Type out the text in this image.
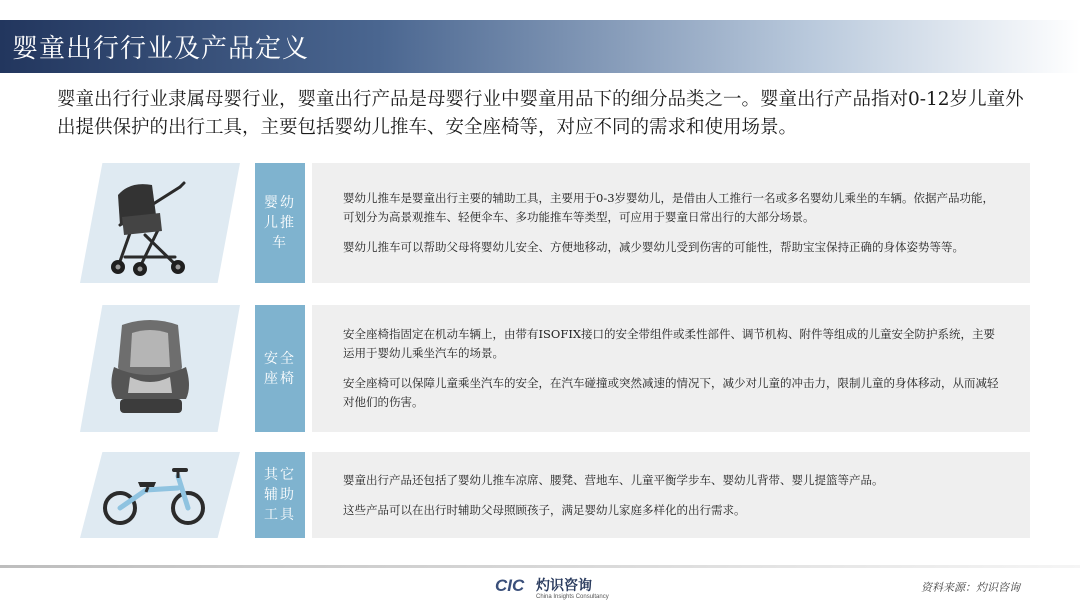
婴童出行行业及产品定义
婴童出行行业隶属母婴行业，婴童出行产品是母婴行业中婴童用品下的细分品类之一。婴童出行产品指对0-12岁儿童外出提供保护的出行工具，主要包括婴幼儿推车、安全座椅等，对应不同的需求和使用场景。
婴幼儿推车

婴幼儿推车是婴童出行主要的辅助工具，主要用于0-3岁婴幼儿，是借由人工推行一名或多名婴幼儿乘坐的车辆。依据产品功能，可划分为高景观推车、轻便伞车、多功能推车等类型，可应用于婴童日常出行的大部分场景。

婴幼儿推车可以帮助父母将婴幼儿安全、方便地移动，减少婴幼儿受到伤害的可能性，帮助宝宝保持正确的身体姿势等等。

安全座椅

安全座椅指固定在机动车辆上，由带有ISOFIX接口的安全带组件或柔性部件、调节机构、附件等组成的儿童安全防护系统，主要运用于婴幼儿乘坐汽车的场景。

安全座椅可以保障儿童乘坐汽车的安全，在汽车碰撞或突然减速的情况下，减少对儿童的冲击力，限制儿童的身体移动，从而减轻对他们的伤害。

其它辅助工具

婴童出行产品还包括了婴幼儿推车凉席、腰凳、营地车、儿童平衡学步车、婴幼儿背带、婴儿提篮等产品。

这些产品可以在出行时辅助父母照顾孩子，满足婴幼儿家庭多样化的出行需求。

CIC 灼识咨询
China Insights Consultancy
资料来源：灼识咨询
